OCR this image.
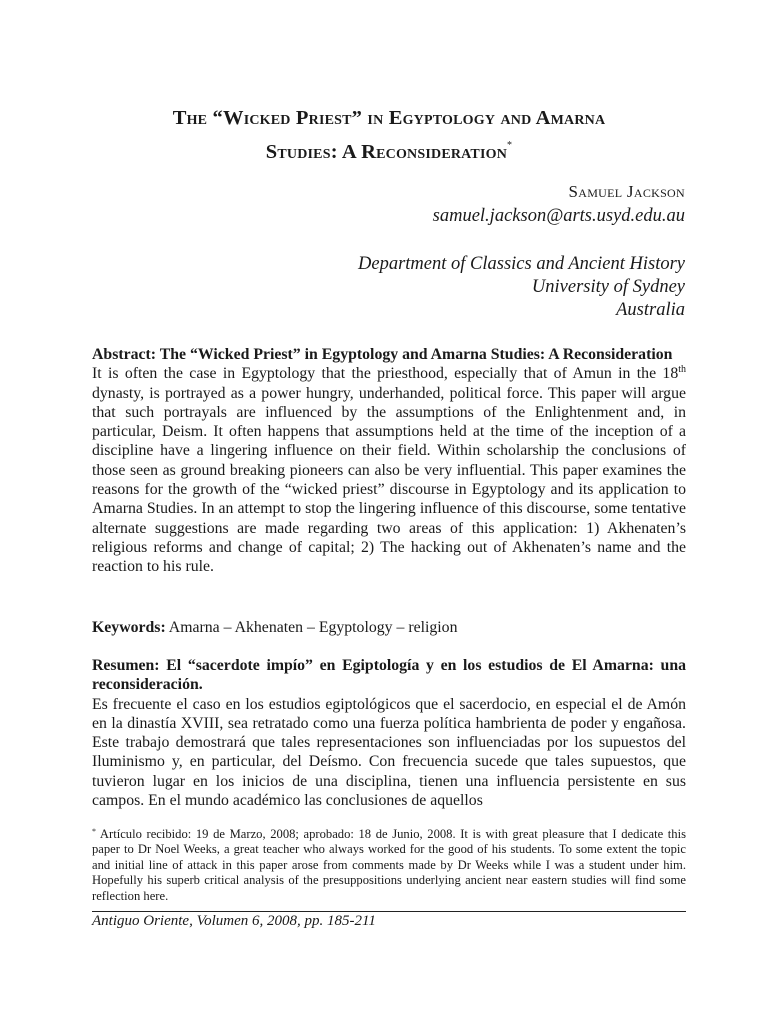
The “Wicked Priest” in Egyptology and Amarna
Studies: A Reconsideration*
Samuel Jackson
samuel.jackson@arts.usyd.edu.au
Department of Classics and Ancient History
University of Sydney
Australia
Abstract: The “Wicked Priest” in Egyptology and Amarna Studies: A Reconsideration
It is often the case in Egyptology that the priesthood, especially that of Amun in the 18th dynasty, is portrayed as a power hungry, underhanded, political force. This paper will argue that such portrayals are influenced by the assumptions of the Enlightenment and, in particular, Deism. It often happens that assumptions held at the time of the inception of a discipline have a lingering influence on their field. Within scholarship the conclusions of those seen as ground breaking pioneers can also be very influential. This paper examines the reasons for the growth of the “wicked priest” discourse in Egyptology and its application to Amarna Studies. In an attempt to stop the lingering influence of this discourse, some tentative alternate suggestions are made regarding two areas of this application: 1) Akhenaten’s religious reforms and change of capital; 2) The hacking out of Akhenaten’s name and the reaction to his rule.
Keywords: Amarna – Akhenaten – Egyptology – religion
Resumen: El “sacerdote impío” en Egiptología y en los estudios de El Amarna: una reconsideración.
Es frecuente el caso en los estudios egiptológicos que el sacerdocio, en especial el de Amón en la dinastía XVIII, sea retratado como una fuerza política hambrienta de poder y engañosa. Este trabajo demostrará que tales representaciones son influenciadas por los supuestos del Iluminismo y, en particular, del Deísmo. Con frecuencia sucede que tales supuestos, que tuvieron lugar en los inicios de una disciplina, tienen una influencia persistente en sus campos. En el mundo académico las conclusiones de aquellos
* Artículo recibido: 19 de Marzo, 2008; aprobado: 18 de Junio, 2008. It is with great pleasure that I dedicate this paper to Dr Noel Weeks, a great teacher who always worked for the good of his students. To some extent the topic and initial line of attack in this paper arose from comments made by Dr Weeks while I was a student under him. Hopefully his superb critical analysis of the presuppositions underlying ancient near eastern studies will find some reflection here.
Antiguo Oriente, Volumen 6, 2008, pp. 185-211
